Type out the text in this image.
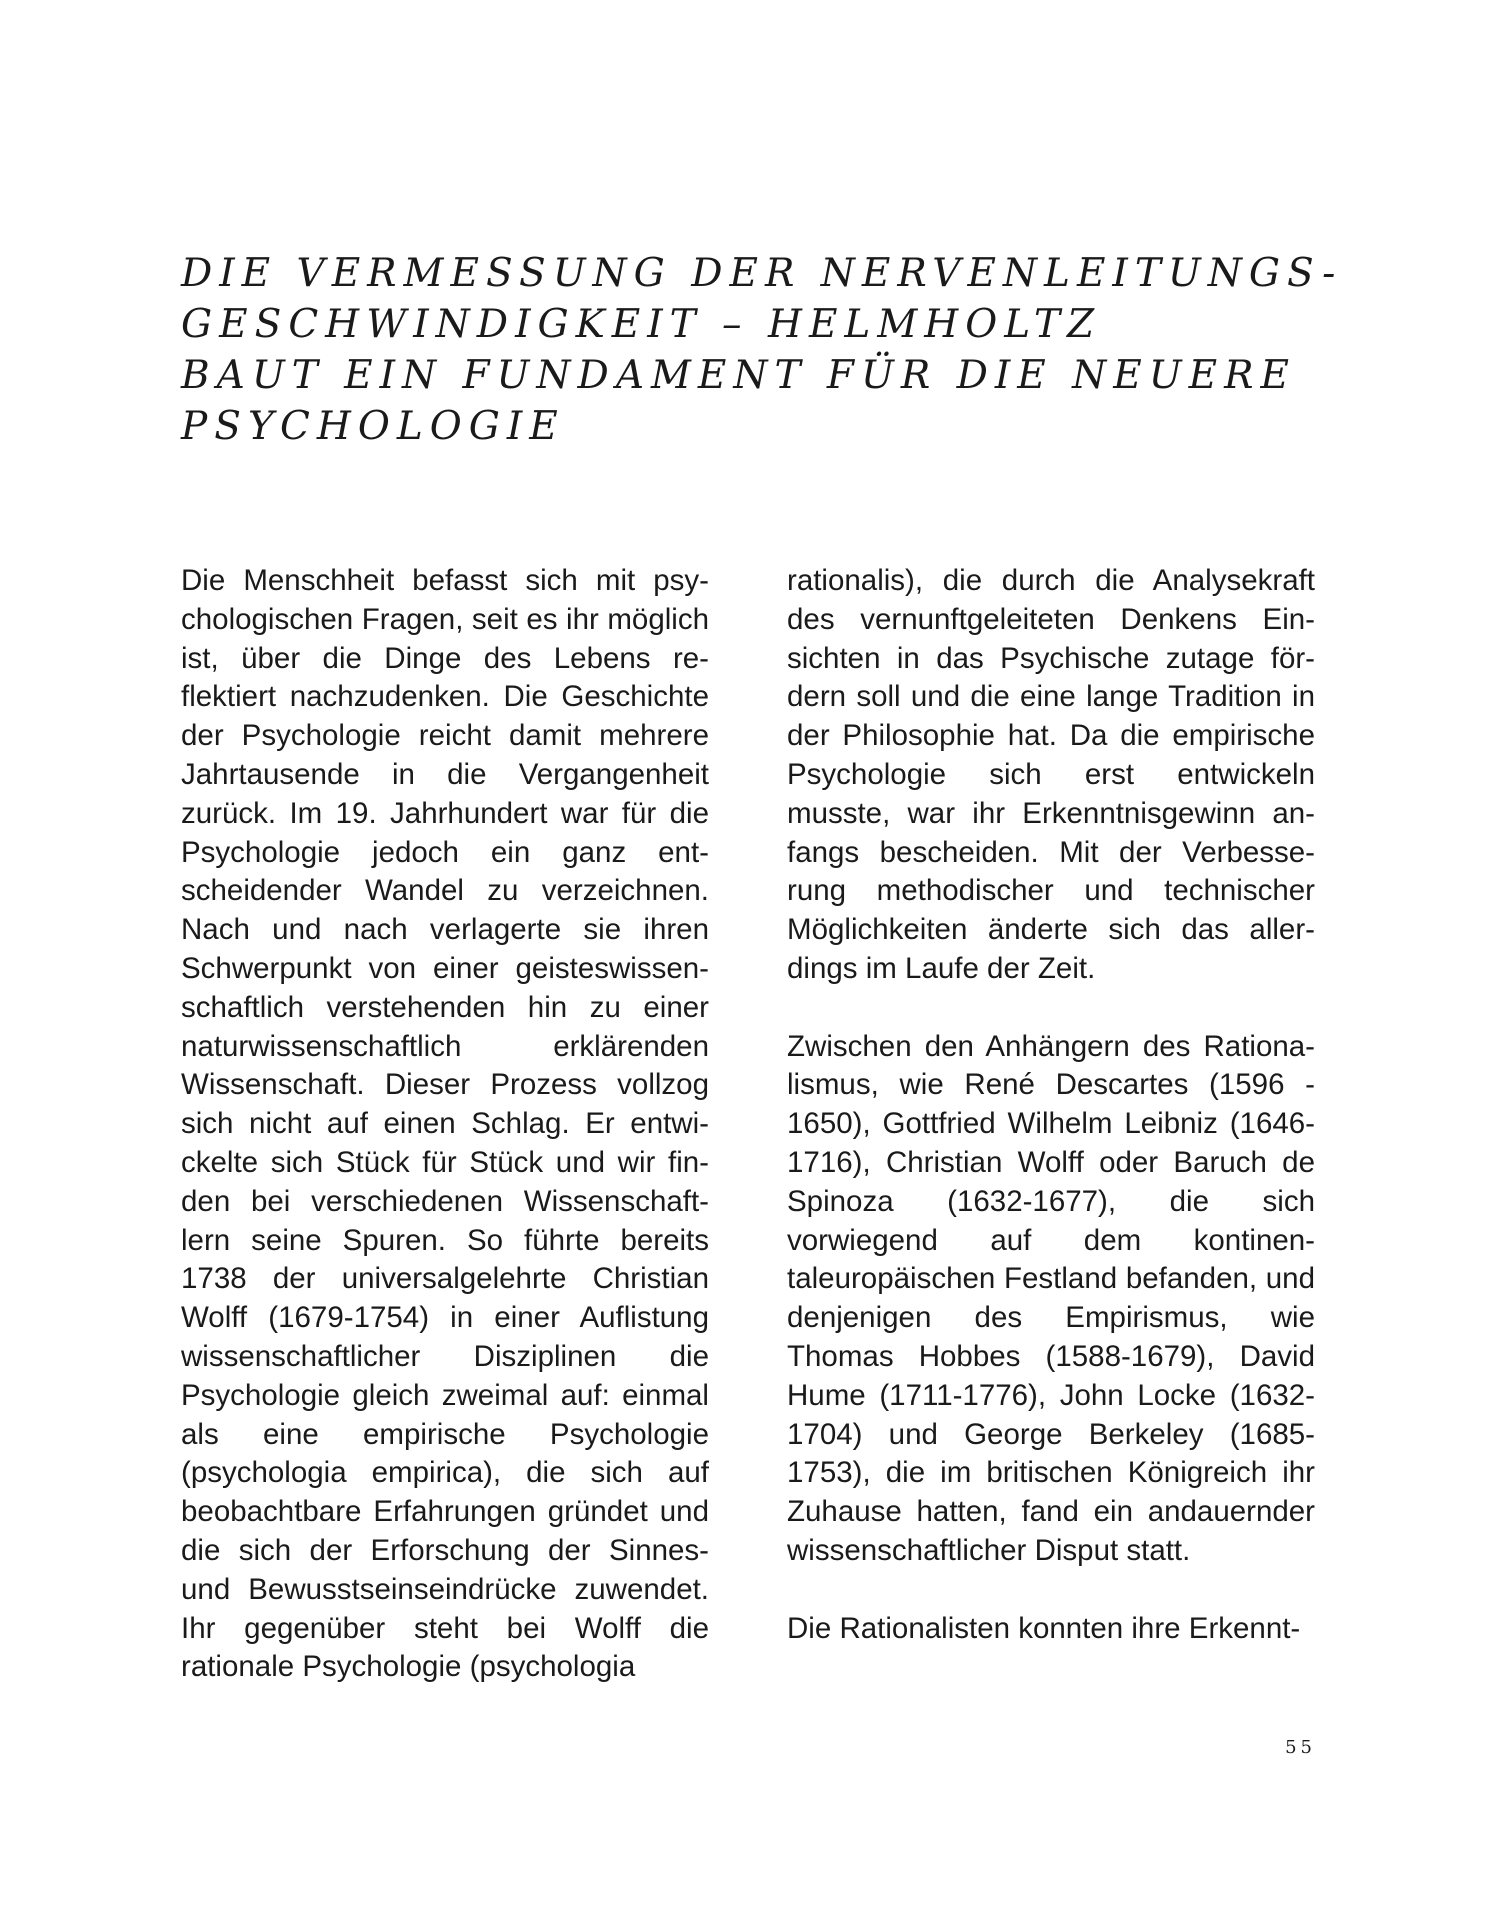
DIE VERMESSUNG DER NERVENLEITUNGS-
GESCHWINDIGKEIT – HELMHOLTZ
BAUT EIN FUNDAMENT FÜR DIE NEUERE
PSYCHOLOGIE

Die Menschheit befasst sich mit psychologischen Fragen, seit es ihr möglich ist, über die Dinge des Lebens reflektiert nachzudenken. Die Geschichte der Psychologie reicht damit mehrere Jahrtausende in die Vergangenheit zurück. Im 19. Jahrhundert war für die Psychologie jedoch ein ganz entscheidender Wandel zu verzeichnen. Nach und nach verlagerte sie ihren Schwerpunkt von einer geisteswissenschaftlich verstehenden hin zu einer naturwissenschaftlich erklärenden Wissenschaft. Dieser Prozess vollzog sich nicht auf einen Schlag. Er entwickelte sich Stück für Stück und wir finden bei verschiedenen Wissenschaftlern seine Spuren. So führte bereits 1738 der universalgelehrte Christian Wolff (1679-1754) in einer Auflistung wissenschaftlicher Disziplinen die Psychologie gleich zweimal auf: einmal als eine empirische Psychologie (psychologia empirica), die sich auf beobachtbare Erfahrungen gründet und die sich der Erforschung der Sinnes- und Bewusstseinseindrücke zuwendet. Ihr gegenüber steht bei Wolff die rationale Psychologie (psychologia

rationalis), die durch die Analysekraft des vernunftgeleiteten Denkens Einsichten in das Psychische zutage fördern soll und die eine lange Tradition in der Philosophie hat. Da die empirische Psychologie sich erst entwickeln musste, war ihr Erkenntnisgewinn anfangs bescheiden. Mit der Verbesserung methodischer und technischer Möglichkeiten änderte sich das allerdings im Laufe der Zeit.

Zwischen den Anhängern des Rationalismus, wie René Descartes (1596 - 1650), Gottfried Wilhelm Leibniz (1646-1716), Christian Wolff oder Baruch de Spinoza (1632-1677), die sich vorwiegend auf dem kontinentaleuropäischen Festland befanden, und denjenigen des Empirismus, wie Thomas Hobbes (1588-1679), David Hume (1711-1776), John Locke (1632-1704) und George Berkeley (1685-1753), die im britischen Königreich ihr Zuhause hatten, fand ein andauernder wissenschaftlicher Disput statt.

Die Rationalisten konnten ihre Erkennt-

55
